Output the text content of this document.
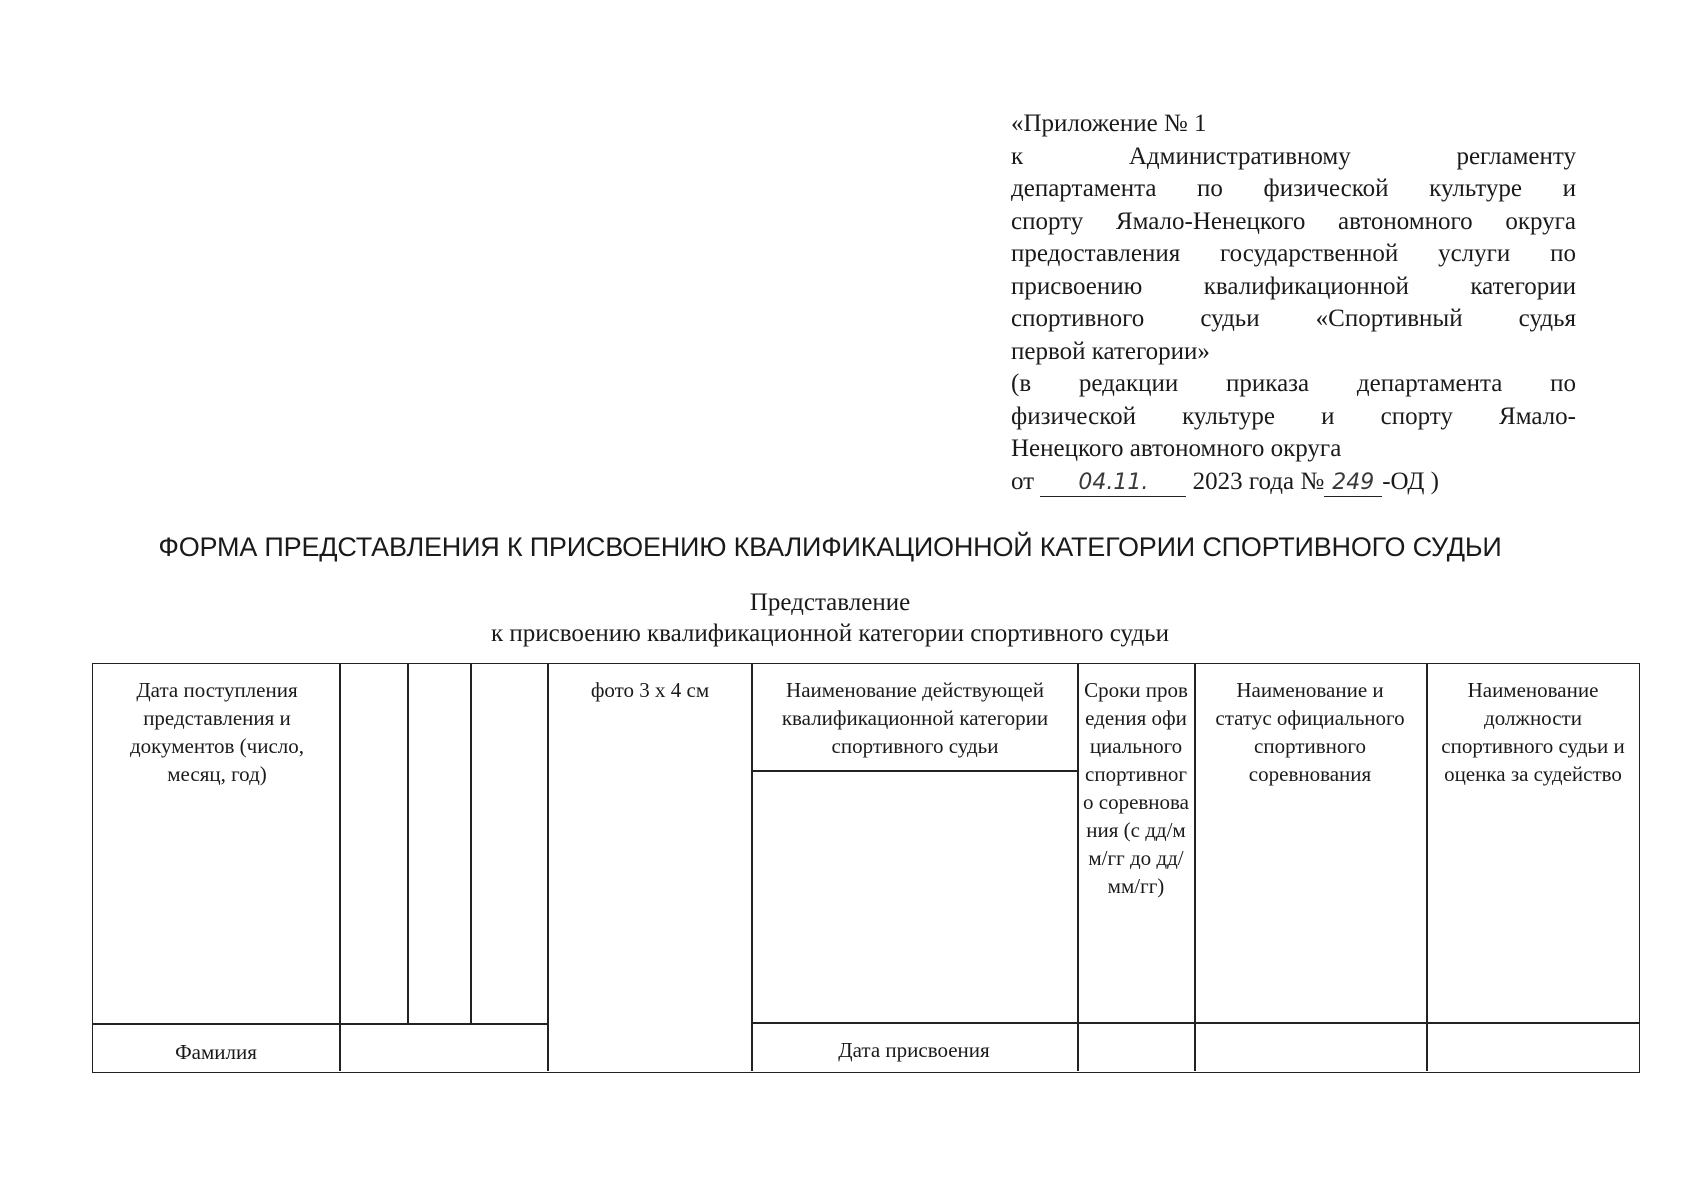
«Приложение № 1
к Административному регламенту
департамента по физической культуре и
спорту Ямало-Ненецкого автономного округа
предоставления государственной услуги по
присвоению квалификационной категории
спортивного судьи «Спортивный судья
первой категории»
(в редакции приказа департамента по
физической культуре и спорту Ямало-
Ненецкого автономного округа
от 04.11. 2023 года № 249 -ОД )
ФОРМА ПРЕДСТАВЛЕНИЯ К ПРИСВОЕНИЮ КВАЛИФИКАЦИОННОЙ КАТЕГОРИИ СПОРТИВНОГО СУДЬИ
Представление
к присвоению квалификационной категории спортивного судьи
Дата поступления представления и документов (число, месяц, год)
фото 3 x 4 см	Наименование действующей квалификационной категории спортивного судьи
Сроки проведения официального спортивного соревнования (с дд/мм/гг до дд/мм/гг)
Наименование и статус официального спортивного соревнования
Наименование должности спортивного судьи и оценка за судейство
Фамилия	Дата присвоения
